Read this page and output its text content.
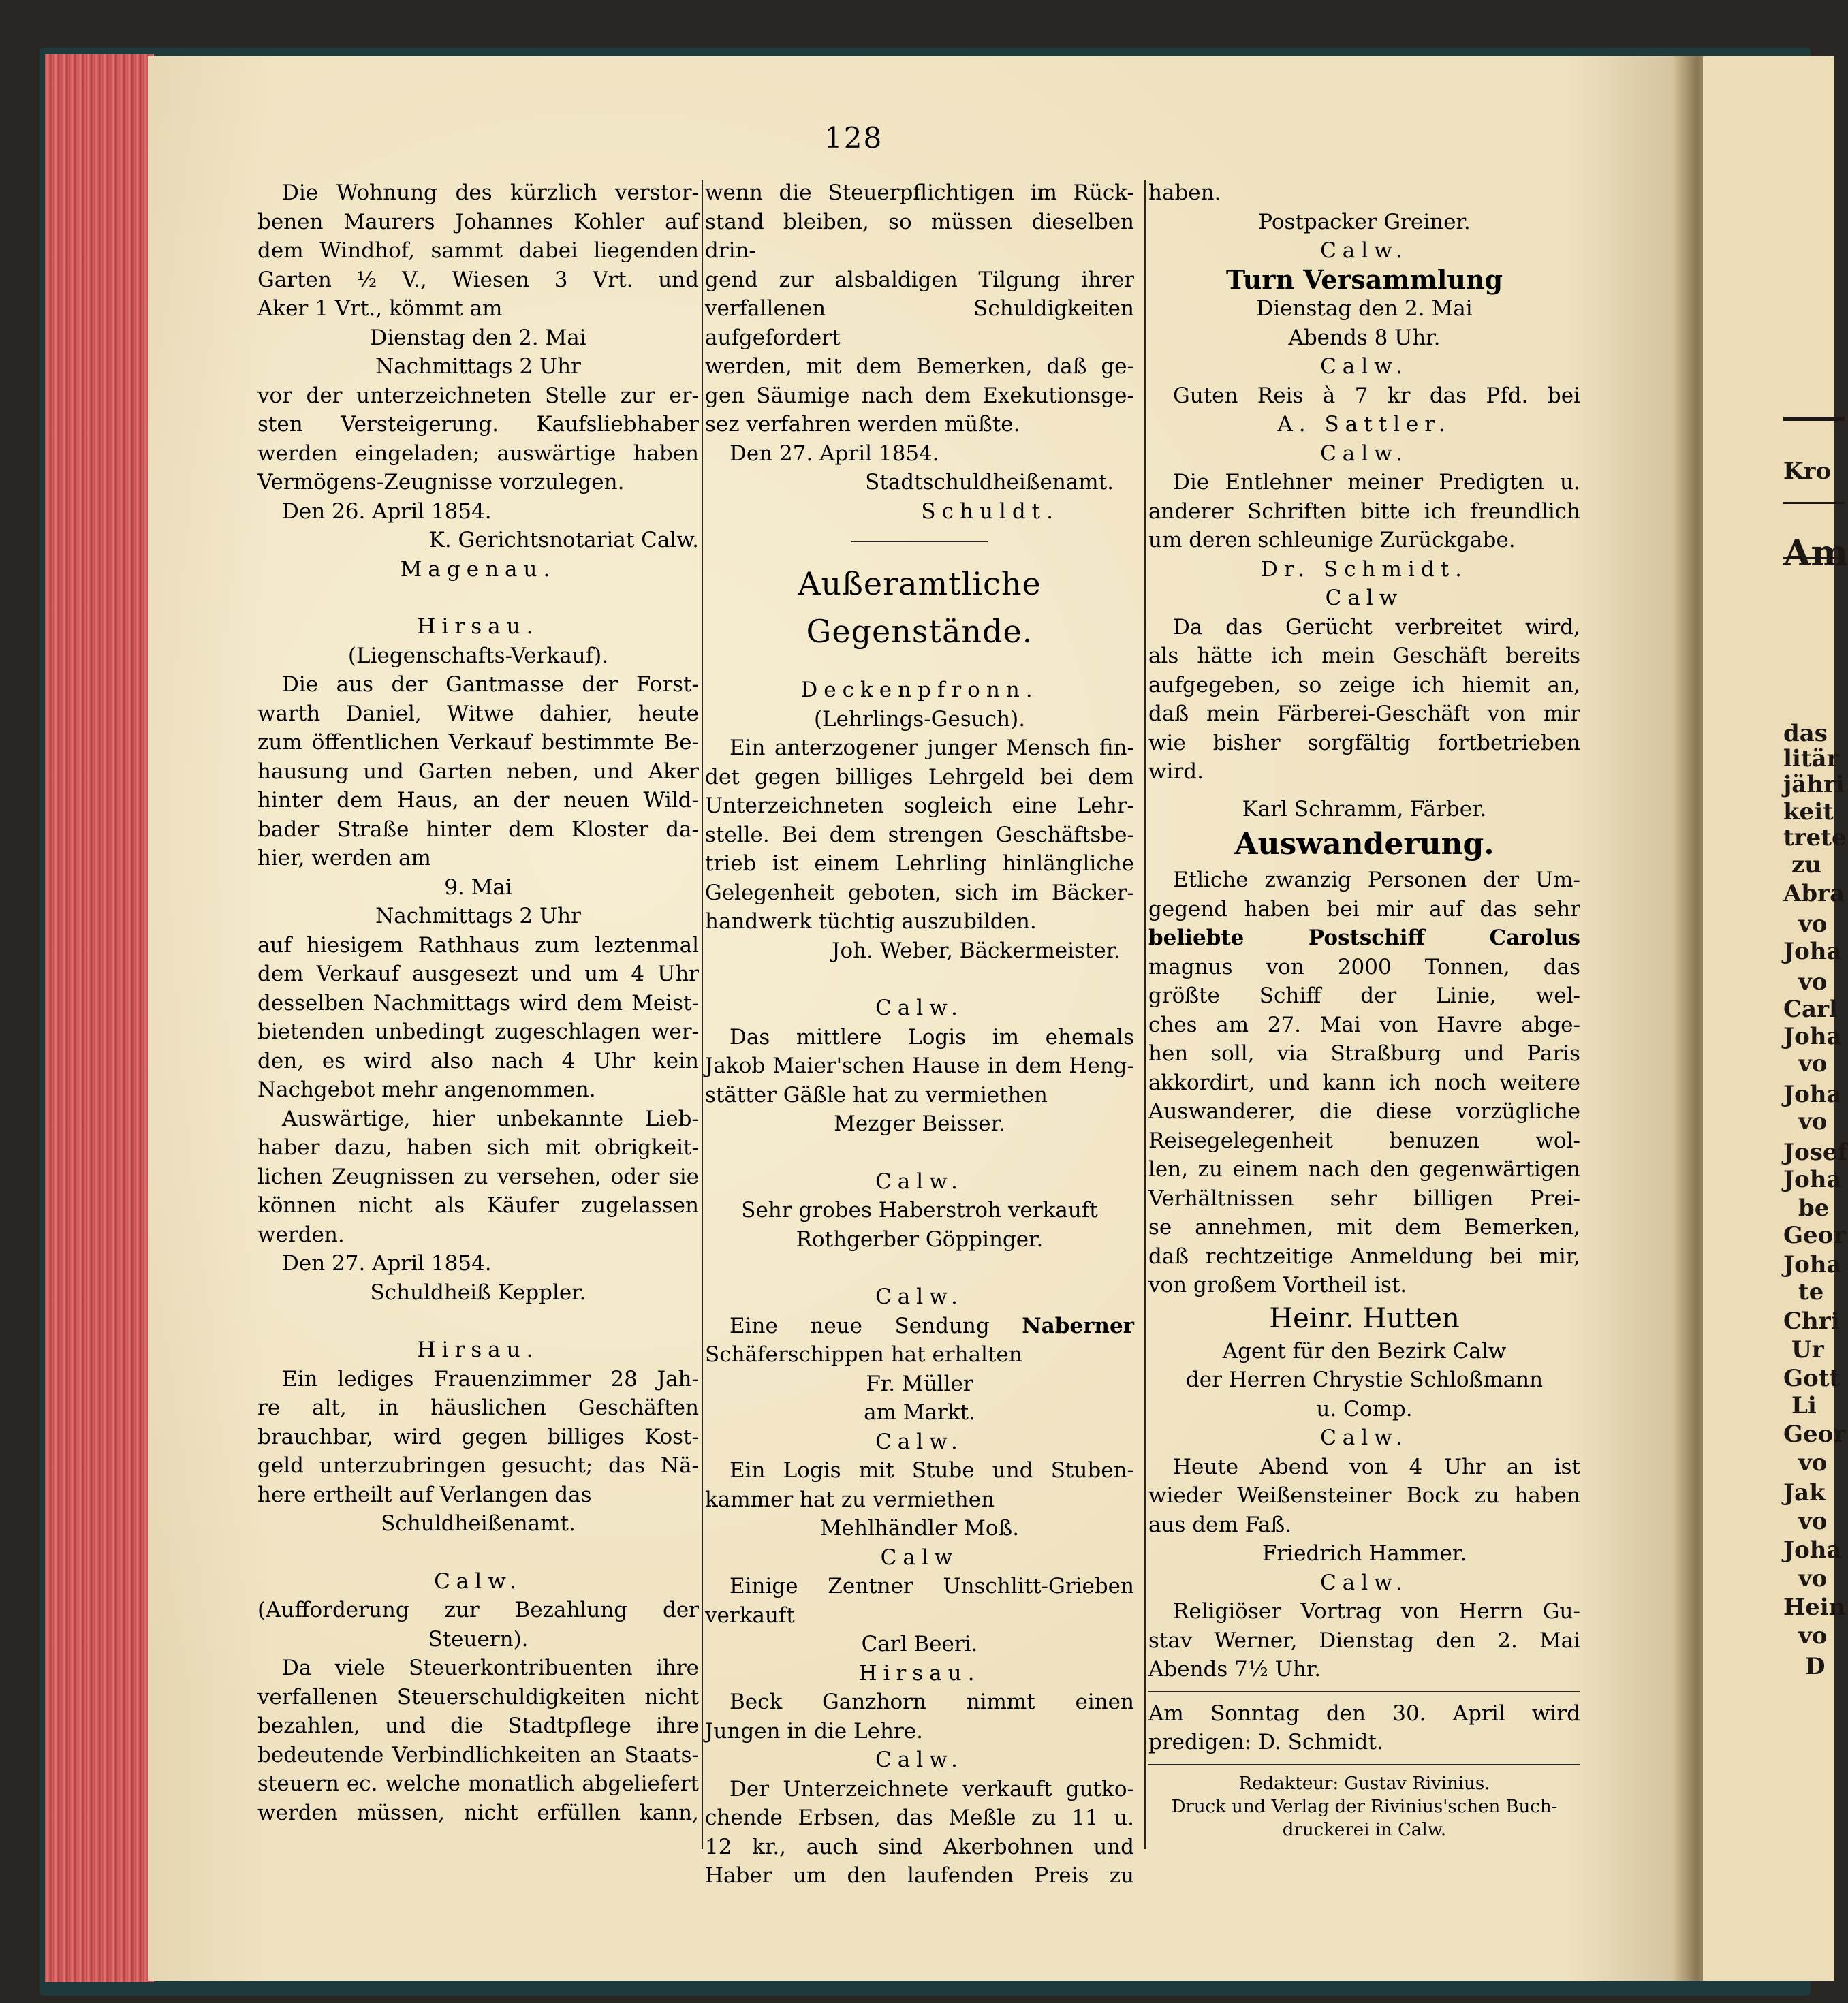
Kro
Am
das
litär
jähri
keit
trete
zu
Abra
vo
Joha
vo
Carl
Joha
vo
Joha
vo
Josef
Joha
be
Geor
Joha
te
Chri
Ur
Gott
Li
Geor
vo
Jak
vo
Joha
vo
Hein
vo
D
128

Die Wohnung des kürzlich verstor-

benen Maurers Johannes Kohler auf

dem Windhof, sammt dabei liegenden

Garten ½ V., Wiesen 3 Vrt. und

Aker 1 Vrt., kömmt am

Dienstag den 2. Mai

Nachmittags 2 Uhr

vor der unterzeichneten Stelle zur er-

sten Versteigerung. Kaufsliebhaber

werden eingeladen; auswärtige haben

Vermögens-Zeugnisse vorzulegen.

Den 26. April 1854.

K. Gerichtsnotariat Calw.

Magenau.

Hirsau.

(Liegenschafts-Verkauf).

Die aus der Gantmasse der Forst-

warth Daniel, Witwe dahier, heute

zum öffentlichen Verkauf bestimmte Be-

hausung und Garten neben, und Aker

hinter dem Haus, an der neuen Wild-

bader Straße hinter dem Kloster da-

hier, werden am

9. Mai

Nachmittags 2 Uhr

auf hiesigem Rathhaus zum leztenmal

dem Verkauf ausgesezt und um 4 Uhr

desselben Nachmittags wird dem Meist-

bietenden unbedingt zugeschlagen wer-

den, es wird also nach 4 Uhr kein

Nachgebot mehr angenommen.

Auswärtige, hier unbekannte Lieb-

haber dazu, haben sich mit obrigkeit-

lichen Zeugnissen zu versehen, oder sie

können nicht als Käufer zugelassen

werden.

Den 27. April 1854.

Schuldheiß Keppler.

Hirsau.

Ein lediges Frauenzimmer 28 Jah-

re alt, in häuslichen Geschäften

brauchbar, wird gegen billiges Kost-

geld unterzubringen gesucht; das Nä-

here ertheilt auf Verlangen das

Schuldheißenamt.

Calw.

(Aufforderung zur Bezahlung der

Steuern).

Da viele Steuerkontribuenten ihre

verfallenen Steuerschuldigkeiten nicht

bezahlen, und die Stadtpflege ihre

bedeutende Verbindlichkeiten an Staats-

steuern ec. welche monatlich abgeliefert

werden müssen, nicht erfüllen kann,

wenn die Steuerpflichtigen im Rück-

stand bleiben, so müssen dieselben drin-

gend zur alsbaldigen Tilgung ihrer

verfallenen Schuldigkeiten aufgefordert

werden, mit dem Bemerken, daß ge-

gen Säumige nach dem Exekutionsge-

sez verfahren werden müßte.

Den 27. April 1854.

Stadtschuldheißenamt.

Schuldt.

Außeramtliche Gegenstände.

Deckenpfronn.

(Lehrlings-Gesuch).

Ein anterzogener junger Mensch fin-

det gegen billiges Lehrgeld bei dem

Unterzeichneten sogleich eine Lehr-

stelle. Bei dem strengen Geschäftsbe-

trieb ist einem Lehrling hinlängliche

Gelegenheit geboten, sich im Bäcker-

handwerk tüchtig auszubilden.

Joh. Weber, Bäckermeister.

Calw.

Das mittlere Logis im ehemals

Jakob Maier'schen Hause in dem Heng-

stätter Gäßle hat zu vermiethen

Mezger Beisser.

Calw.

Sehr grobes Haberstroh verkauft

Rothgerber Göppinger.

Calw.

Eine neue Sendung Naberner

Schäferschippen hat erhalten

Fr. Müller

am Markt.

Calw.

Ein Logis mit Stube und Stuben-

kammer hat zu vermiethen

Mehlhändler Moß.

Calw

Einige Zentner Unschlitt-Grieben

verkauft

Carl Beeri.

Hirsau.

Beck Ganzhorn nimmt einen

Jungen in die Lehre.

Calw.

Der Unterzeichnete verkauft gutko-

chende Erbsen, das Meßle zu 11 u.

12 kr., auch sind Akerbohnen und

Haber um den laufenden Preis zu

haben.

Postpacker Greiner.

Calw.

Turn Versammlung

Dienstag den 2. Mai

Abends 8 Uhr.

Calw.

Guten Reis à 7 kr das Pfd. bei

A. Sattler.

Calw.

Die Entlehner meiner Predigten u.

anderer Schriften bitte ich freundlich

um deren schleunige Zurückgabe.

Dr. Schmidt.

Calw

Da das Gerücht verbreitet wird,

als hätte ich mein Geschäft bereits

aufgegeben, so zeige ich hiemit an,

daß mein Färberei-Geschäft von mir

wie bisher sorgfältig fortbetrieben

wird.

Karl Schramm, Färber.

Auswanderung.

Etliche zwanzig Personen der Um-

gegend haben bei mir auf das sehr

beliebte Postschiff Carolus

magnus von 2000 Tonnen, das

größte Schiff der Linie, wel-

ches am 27. Mai von Havre abge-

hen soll, via Straßburg und Paris

akkordirt, und kann ich noch weitere

Auswanderer, die diese vorzügliche

Reisegelegenheit benuzen wol-

len, zu einem nach den gegenwärtigen

Verhältnissen sehr billigen Prei-

se annehmen, mit dem Bemerken,

daß rechtzeitige Anmeldung bei mir,

von großem Vortheil ist.

Heinr. Hutten

Agent für den Bezirk Calw

der Herren Chrystie Schloßmann

u. Comp.

Calw.

Heute Abend von 4 Uhr an ist

wieder Weißensteiner Bock zu haben

aus dem Faß.

Friedrich Hammer.

Calw.

Religiöser Vortrag von Herrn Gu-

stav Werner, Dienstag den 2. Mai

Abends 7½ Uhr.

Am Sonntag den 30. April wird

predigen: D. Schmidt.

Redakteur: Gustav Rivinius.

Druck und Verlag der Rivinius'schen Buch-

druckerei in Calw.
